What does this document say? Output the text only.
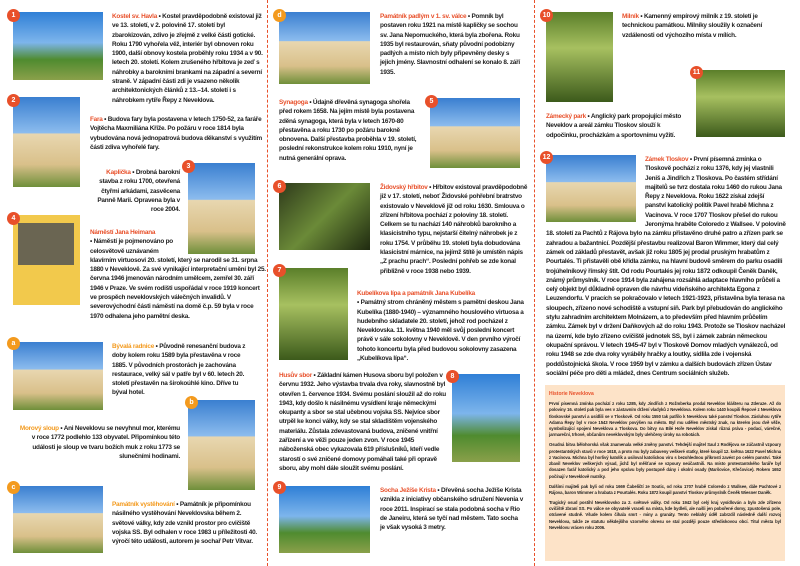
1	Kostel sv. Havla • Kostel pravděpodobně existoval již ve 13. století, v 2. polovině 17. století byl zbarokizován, zdivo je zřejmě z velké části gotické. Roku 1790 vyhořela věž, interiér byl obnoven roku 1900, další obnovy kostela proběhly roku 1934 a v 90. letech 20. století. Kolem zrušeného hřbitova je zeď s náhrobky a barokními brankami na západní a severní straně. V západní části zdi je vsazeno několik architektonických článků z 13.–14. století i s náhrobkem rytíře Řepy z Neveklova.
2
Fara • Budova fary byla postavena v letech 1750-52, za faráře Vojtěcha Maxmiliána Kříže. Po požáru v roce 1814 byla vybudována nová jednopatrová budova děkanství s využitím části zdiva vyhořelé fary.
3
Kaplička • Drobná barokní stavba z roku 1700, otevřená čtyřmi arkádami, zasvěcena Panně Marii. Opravena byla v roce 2004.
4
Náměstí Jana Heimana
• Náměstí je pojmenováno po celosvětově uznávaném klavírním virtuosovi 20. století, který se narodil se 31. srpna 1880 v Neveklově. Za své vynikající interpretační umění byl 25. června 1946 jmenován národním umělcem, zemřel 30. září 1946 v Praze. Ve svém rodišti uspořádal v roce 1919 koncert ve prospěch neveklovských válečných invalidů. V severovýchodní části náměstí na domě č.p. 59 byla v roce 1970 odhalena jeho pamětní deska.
a	Bývalá radnice • Původně renesanční budova z doby kolem roku 1589 byla přestavěna v roce 1885. V původních prostorách je zachována restaurace, velký sál v patře byl v 60. letech 20. století přestavěn na širokoúhlé kino. Dříve tu býval hotel.
b
Morový sloup • Ani Neveklovu se nevyhnul mor, kterému v roce 1772 podlehlo 133 obyvatel. Připomínkou této události je sloup ve tvaru božích muk z roku 1773 se slunečními hodinami.
c
Památník vystěhování • Památník je připomínkou násilného vystěhování Neveklovska během 2. světové války, kdy zde vznikl prostor pro cvičiště vojska SS. Byl odhalen v roce 1983 u příležitosti 40. výročí této události, autorem je sochař Petr Vitvar.
d	Památník padlým v 1. sv. válce • Pomník byl postaven roku 1921 na místě kapličky se sochou sv. Jana Nepomuckého, která byla zbořena. Roku 1935 byl restaurován, sňaty původní podobizny padlých a místo nich byly připevněny desky s jejich jmény. Slavnostní odhalení se konalo 8. září 1935.
5
Synagoga • Údajně dřevěná synagoga shořela před rokem 1658. Na jejím místě byla postavena zděná synagoga, která byla v letech 1670-80 přestavěna a roku 1730 po požáru barokně obnovena. Další přestavba proběhla v 19. století, poslední rekonstrukce kolem roku 1910, nyní je nutná generální oprava.
6	Židovský hřbitov • Hřbitov existoval pravděpodobně již v 17. století, neboť Židovské pohřební bratrstvo existovalo v Neveklově již od roku 1630. Smlouva o zřízení hřbitova pochází z poloviny 18. století. Celkem se tu nachází 140 náhrobků barokního a klasicistního typu, nejstarší čitelný náhrobek je z roku 1754. V průběhu 19. století byla dobudována klasicistní márnice, na jejímž štítě je umístěn nápis „Z prachu prach“. Poslední pohřeb se zde konal přibližně v roce 1938 nebo 1939.
7
Kubelíkova lípa a památník Jana Kubelíka
• Památný strom chráněný městem s pamětní deskou Jana Kubelíka (1880-1940) – významného houslového virtuosa a hudebního skladatele 20. století, jehož rod pocházel z Neveklovska. 11. května 1940 měl svůj poslední koncert právě v sále sokolovny v Neveklově. V den prvního výročí tohoto koncertu byla před budovou sokolovny zasazena „Kubelíkova lípa“.
8
Husův sbor • Základní kámen Husova sboru byl položen v červnu 1932. Jeho výstavba trvala dva roky, slavnostně byl otevřen 1. července 1934. Svému poslání sloužil až do roku 1943, kdy došlo k násilnému vysídlení kraje německými okupanty a sbor se stal učebnou vojska SS. Nejvíce sbor utrpěl ke konci války, kdy se stal skladištěm vojenského materiálu. Zůstala zdevastovaná budova, zničené vnitřní zařízení a ve věži pouze jeden zvon. V roce 1945 náboženská obec vykazovala 619 příslušníků, kteří vedle starostí o své zničené domovy pomáhali také při opravě sboru, aby mohl dále sloužit svému poslání.
9	Socha Ježíše Krista • Dřevěná socha Ježíše Krista vznikla z iniciativy občanského sdružení Nevenia v roce 2011. Inspirací se stala podobná socha v Rio de Janeiru, která se tyčí nad městem. Tato socha je však vysoká 3 metry.
10	Milník • Kamenný empírový milník z 19. století je technickou památkou. Milníky sloužily k označení vzdálenosti od výchozího místa v mílích.
11
Zámecký park • Anglický park propojující město Neveklov a areál zámku Tloskov slouží k odpočinku, procházkám a sportovnímu vyžití.
12	Zámek Tloskov • První písemná zmínka o Tloskově pochází z roku 1376, kdy jej vlastnili Jeniš a Jindřich z Tloskova. Po častém střídání majitelů se tvrz dostala roku 1460 do rukou Jana Řepy z Neveklova. Roku 1622 získal zdejší panství katolický politik Pavel hrabě Michna z Vacínova. V roce 1707 Tloskov přešel do rukou Jeronýma hraběte Coloredo z Wallsee. V polovině 18. století za Pachtů z Rájova bylo na zámku přistavěno druhé patro a zřízen park se zahradou a bažantnicí. Pozdější přestavbu realizoval Baron Wimmer, který dal celý zámek od základů přestavět, avšak již roku 1805 jej prodal pruským hrabatům z Pourtalés. Ti přistavěli obě křídla zámku, na hlavní budově směrem do parku osadili trojúhelníkový římský štít. Od rodu Pourtalés jej roku 1872 odkoupil Čeněk Daněk, známý průmyslník. V roce 1914 byla zahájena rozsáhlá adaptace hlavního průčelí a celý objekt byl důkladně opraven dle návrhu vídeňského architekta Egona z Leuzendorfu. V pracích se pokračovalo v letech 1921-1923, přistavěna byla terasa na sloupech, zřízeno nové schodiště a vstupní síň. Park byl přebudován do anglického stylu zahradním architektem Molnázem, a to především před hlavním průčelím zámku. Zámek byl v držení Daňkových až do roku 1943. Protože se Tloskov nacházel na území, kde bylo zřízeno cvičiště jednotek SS, byl i zámek zabrán německou okupační správou. V letech 1945-47 byl v Tloskově Domov mladých vynálezců, od roku 1948 se zde dva roky vyráběly hračky a loutky, sídlila zde i vojenská poddůstojnická škola. V roce 1959 byl v zámku a dalších budovách zřízen Ústav sociální péče pro děti a mládež, dnes Centrum sociálních služeb.
Historie Neveklova

První písemná zmínka pochází z roku 1285, kdy Jindřich z Rožmberka prodal Neveklov klášteru na Zderaze. Až do poloviny 16. století pak byla ves v zástavním držení vladyků z Neveklova. Kolem roku 1440 koupili Řepové z Neveklova tloskovské panství a usídlili se v Tloskově. Od roku 1550 tak patřilo k Neveklovu také panství Tloskov. Zásluhou rytíře Adama Řepy byl v roce 1543 Neveklov povýšen na město. Byl mu udělen městský znak, na kterém jsou dvě věže, symbolizující spojení Neveklova a Tloskova. Do bitvy na Bílé Hoře Neveklov získal různá práva - podací, várečné, jarmareční, trhové, občanům neveklovským byly ulehčeny úroky na robotách.

Osudná bitva bělohorská však znamenala velké změny panství. Tehdejší majitel Saul z Rodějova se zúčastnil vzpoury protestantských stavů v roce 1618, a proto mu byly zabaveny veškeré statky, které koupil 12. května 1622 Pavel Michna z Vacínova. Michna byl horlivý katolík a usiloval katolickou víru s bezohlednou příkrostí zavést po celém panství. Také zbavil Neveklov veškerých výsad, jichž byl měšťané se vzpoury neúčastnili. Na místo protestantského faráře byl dosazen farář katolický a pod jeho správu byly postupně dány i okolní osady (Maršovice, Křečovice). Rokem 1652 počínají v Neveklově matriky.

Dalšími majiteli pak byli od roku 1669 Čabeličtí ze Soutic, od roku 1707 hrabě Coloredo z Wallsee, dále Pachtové z Rájova, baron Wimmer a hrabata z Pourtalés. Roku 1872 koupil panství Tloskov průmyslník Čeněk Wiesner Daněk.

Tragický osud postihl Neveklovsko za 2. světové války. Od roku 1942 byl celý kraj vysídlován a bylo zde zřízeno cvičiště zbraní SS. Po válce se obyvatelé vraceli na místa, kde bydleli, ale našli jen pobořené domy, zpustošená pole, otrávené studně. Všude kolem číhala smrt - miny a granáty. Tento neblahý úděl zabrzdil následně další rozvoj Neveklova, takže ze statutu někdejšího vzorného okresu se stal později pouze střediskovou obcí. Titul města byl Neveklovu vrácen roku 2006.
